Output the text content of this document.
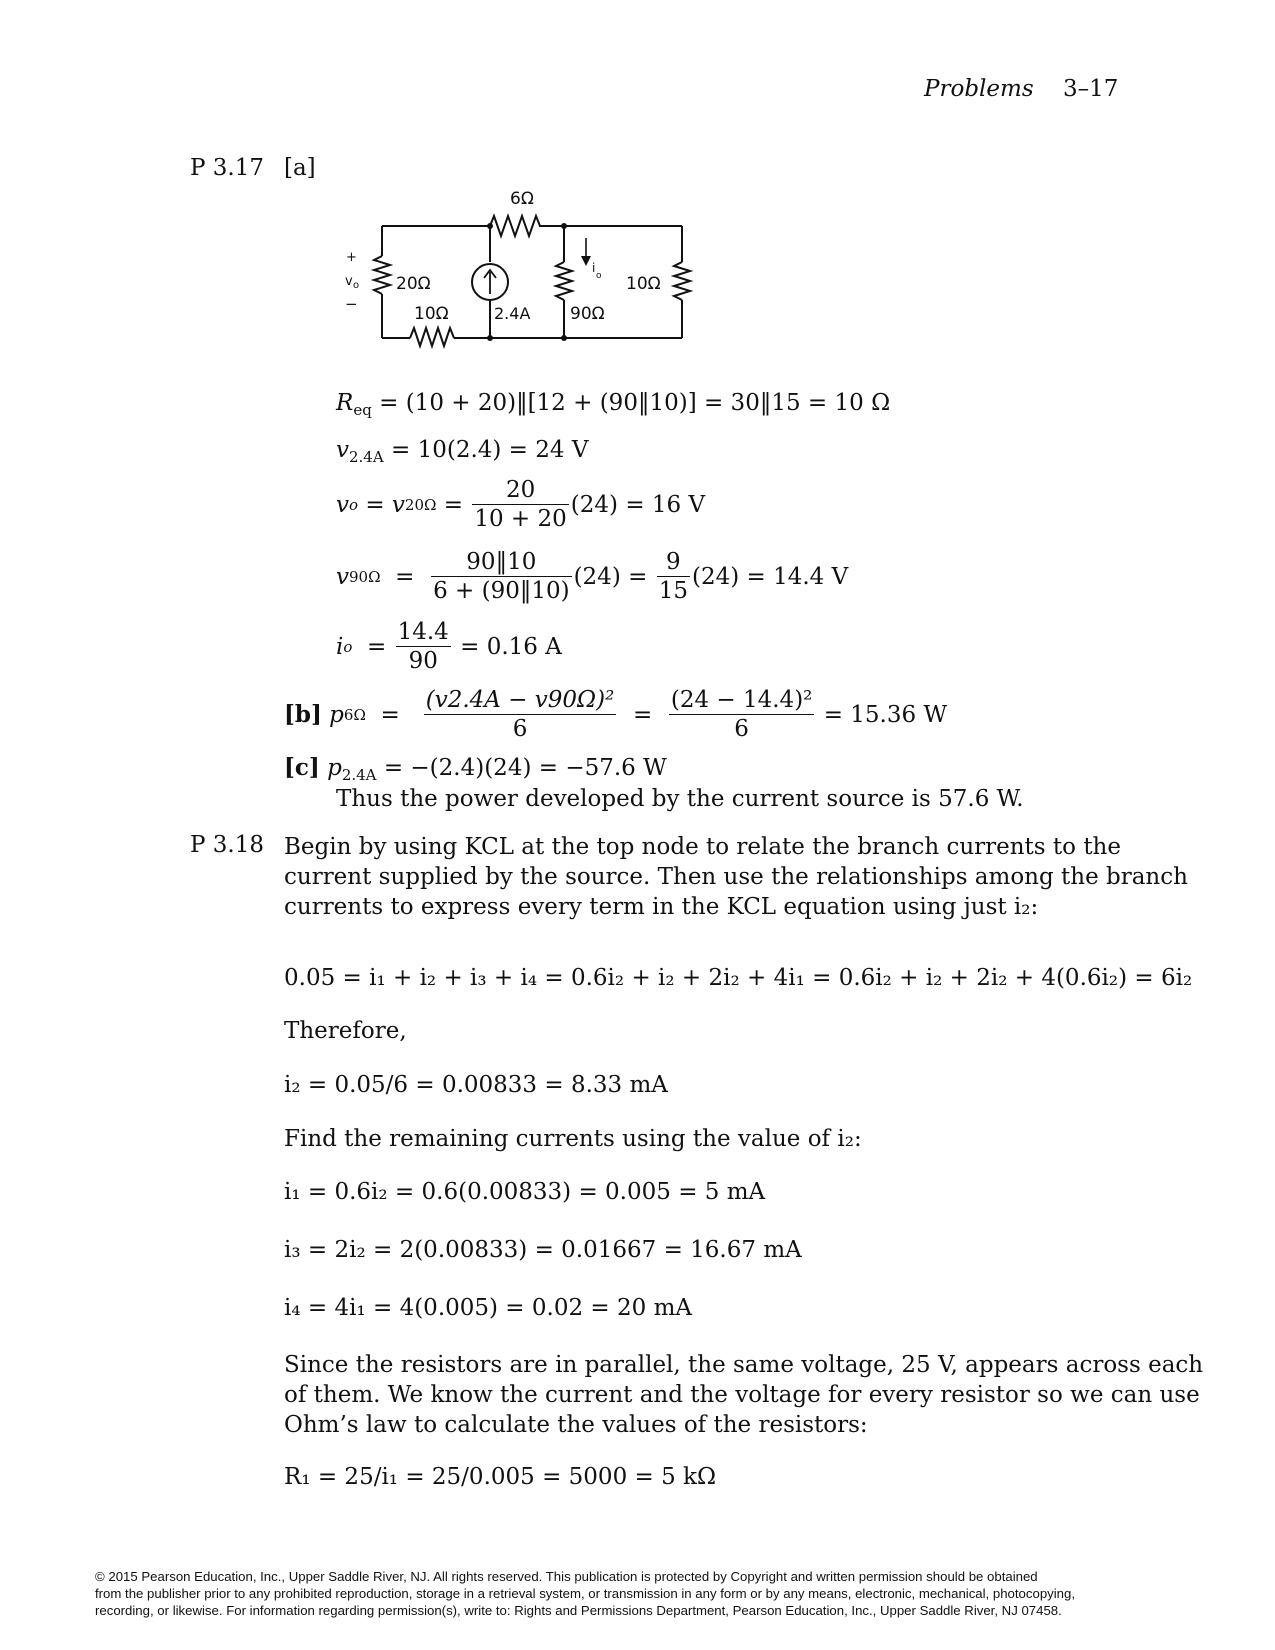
Problems 3–17
P 3.17 [a]
6Ω
20Ω
10Ω	2.4A 90Ω
10Ω
+
v o
−
i
o
$R_{eq} = (10$ + 20)‖[12 + (90‖10)] = 30‖15 = 10 Ω
$v_{2.4A} = 10(2.4) = 24$ V
v o
= v 20Ω
=
$\frac{20}{10 + 20} (24) = 16$ V
v 90Ω
=
$\frac{90‖10}{6 + (90‖10)} (24)$ =
$\frac{9}{15} (24) = 14.4$ V
i o
=
$\frac{14.4}{90}$
= 0.16 A
[b]
p 6Ω
=
$\frac{\text{(v2.4A − v90Ω)²}}{6}$
=
$\frac{\text{(24 − 14.4)²}}{6}$
= 15.36 W
[c] $p_{2.4A} = -(2.4)(24) = -57.6$ W
Thus the power developed by the current source is 57.6 W.
P 3.18 Begin by using KCL at the top node to relate the branch currents to the
current supplied by the source. Then use the relationships among the branch
currents to express every term in the KCL equation using just i₂:
0.05 = i₁ + i₂ + i₃ + i₄ = 0.6i₂ + i₂ + 2i₂ + 4i₁ = 0.6i₂ + i₂ + 2i₂ + 4(0.6i₂) = 6i₂
Therefore,
i₂ = 0.05/6 = 0.00833 = 8.33 mA
Find the remaining currents using the value of i₂:
i₁ = 0.6i₂ = 0.6(0.00833) = 0.005 = 5 mA
i₃ = 2i₂ = 2(0.00833) = 0.01667 = 16.67 mA
i₄ = 4i₁ = 4(0.005) = 0.02 = 20 mA
Since the resistors are in parallel, the same voltage, 25 V, appears across each
of them. We know the current and the voltage for every resistor so we can use
Ohm’s law to calculate the values of the resistors:
R₁ = 25/i₁ = 25/0.005 = 5000 = 5 kΩ
© 2015 Pearson Education, Inc., Upper Saddle River, NJ. All rights reserved. This publication is protected by Copyright and written permission should be obtained
from the publisher prior to any prohibited reproduction, storage in a retrieval system, or transmission in any form or by any means, electronic, mechanical, photocopying,
recording, or likewise. For information regarding permission(s), write to: Rights and Permissions Department, Pearson Education, Inc., Upper Saddle River, NJ 07458.
